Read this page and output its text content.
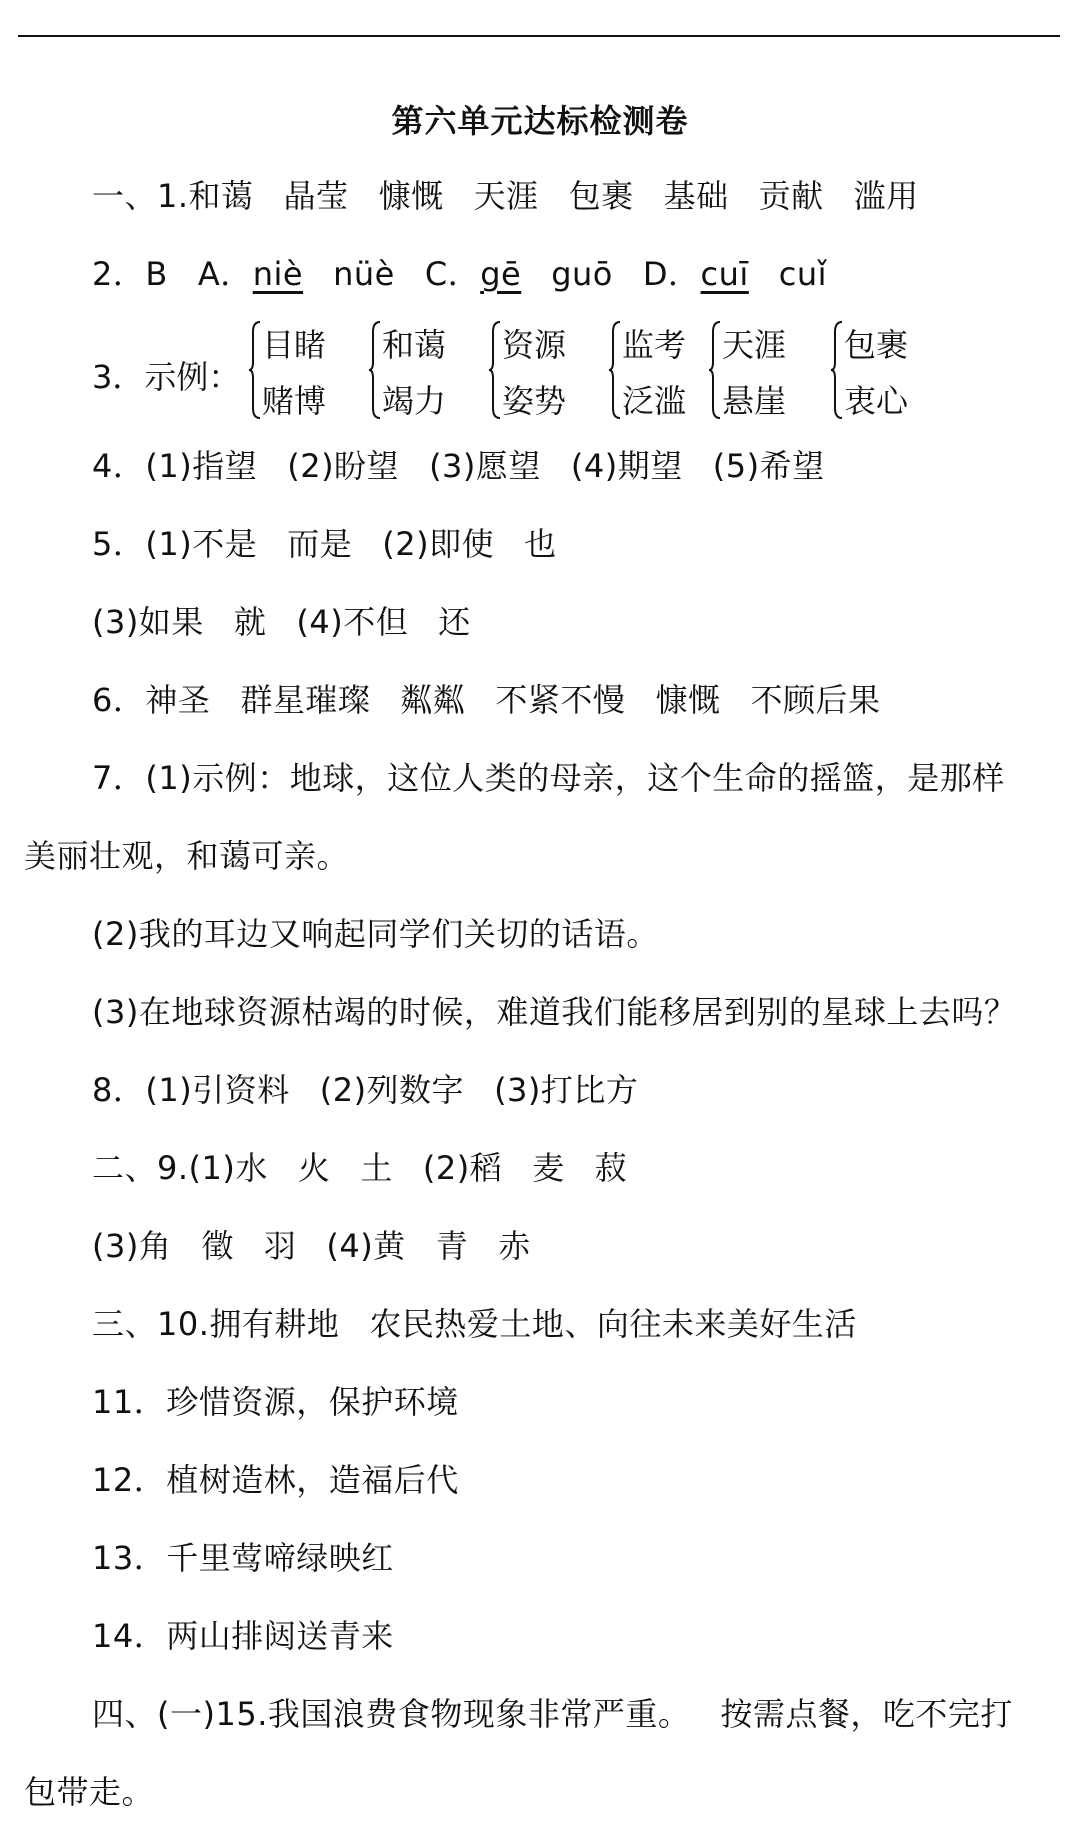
第六单元达标检测卷
一、1.和蔼 晶莹 慷慨 天涯 包裹 基础 贡献 滥用
2．B A．niè nüè C．gē guō D．cuī cuǐ
3．示例：
目睹
赌博
和蔼
竭力
资源
姿势
监考
泛滥
天涯
悬崖
包裹
衷心
4．(1)指望 (2)盼望 (3)愿望 (4)期望 (5)希望
5．(1)不是 而是 (2)即使 也
(3)如果 就 (4)不但 还
6．神圣 群星璀璨 粼粼 不紧不慢 慷慨 不顾后果
7．(1)示例：地球，这位人类的母亲，这个生命的摇篮，是那样
美丽壮观，和蔼可亲。
(2)我的耳边又响起同学们关切的话语。
(3)在地球资源枯竭的时候，难道我们能移居到别的星球上去吗？
8．(1)引资料 (2)列数字 (3)打比方
二、9.(1)水 火 土 (2)稻 麦 菽
(3)角 徵 羽 (4)黄 青 赤
三、10.拥有耕地 农民热爱土地、向往未来美好生活
11．珍惜资源，保护环境
12．植树造林，造福后代
13．千里莺啼绿映红
14．两山排闼送青来
四、(一)15.我国浪费食物现象非常严重。 按需点餐，吃不完打
包带走。
